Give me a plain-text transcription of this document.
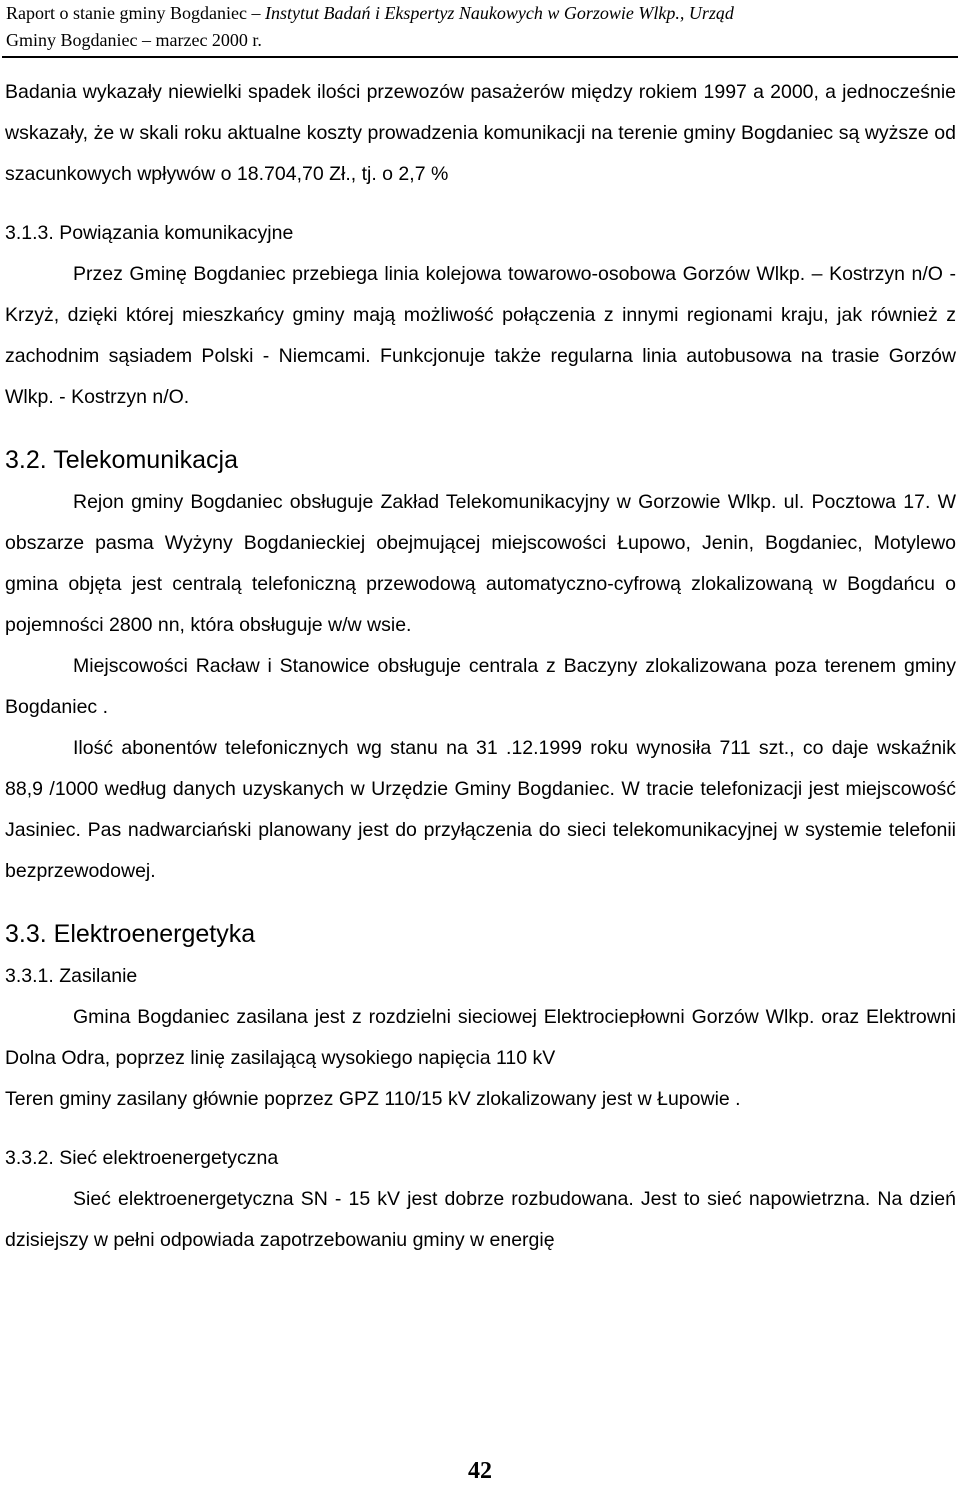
Raport o stanie gminy Bogdaniec – Instytut Badań i Ekspertyz Naukowych w Gorzowie Wlkp., Urząd
Gminy Bogdaniec – marzec 2000 r.

Badania wykazały niewielki spadek ilości przewozów pasażerów między rokiem 1997 a 2000, a jednocześnie wskazały, że w skali roku aktualne koszty prowadzenia komunikacji na terenie gminy Bogdaniec są wyższe od szacunkowych wpływów o 18.704,70 Zł., tj. o 2,7 %

3.1.3. Powiązania komunikacyjne

Przez Gminę Bogdaniec przebiega linia kolejowa towarowo-osobowa Gorzów Wlkp. – Kostrzyn n/O - Krzyż, dzięki której mieszkańcy gminy mają możliwość połączenia z innymi regionami kraju, jak również z zachodnim sąsiadem Polski - Niemcami. Funkcjonuje także regularna linia autobusowa na trasie Gorzów Wlkp. - Kostrzyn n/O.

3.2. Telekomunikacja

Rejon gminy Bogdaniec obsługuje Zakład Telekomunikacyjny w Gorzowie Wlkp. ul. Pocztowa 17. W obszarze pasma Wyżyny Bogdanieckiej obejmującej miejscowości Łupowo, Jenin, Bogdaniec, Motylewo gmina objęta jest centralą telefoniczną przewodową automatyczno-cyfrową zlokalizowaną w Bogdańcu o pojemności 2800 nn, która obsługuje w/w wsie.

Miejscowości Racław i Stanowice obsługuje centrala z Baczyny zlokalizowana poza terenem gminy Bogdaniec .

Ilość abonentów telefonicznych wg stanu na 31 .12.1999 roku wynosiła 711 szt., co daje wskaźnik 88,9 /1000 według danych uzyskanych w Urzędzie Gminy Bogdaniec. W tracie telefonizacji jest miejscowość Jasiniec. Pas nadwarciański planowany jest do przyłączenia do sieci telekomunikacyjnej w systemie telefonii bezprzewodowej.

3.3. Elektroenergetyka

3.3.1. Zasilanie

Gmina Bogdaniec zasilana jest z rozdzielni sieciowej Elektrociepłowni Gorzów Wlkp. oraz Elektrowni Dolna Odra, poprzez linię zasilającą wysokiego napięcia 110 kV

Teren gminy zasilany głównie poprzez GPZ 110/15 kV zlokalizowany jest w Łupowie .

3.3.2. Sieć elektroenergetyczna

Sieć elektroenergetyczna SN - 15 kV jest dobrze rozbudowana. Jest to sieć napowietrzna. Na dzień dzisiejszy w pełni odpowiada zapotrzebowaniu gminy w energię

42
